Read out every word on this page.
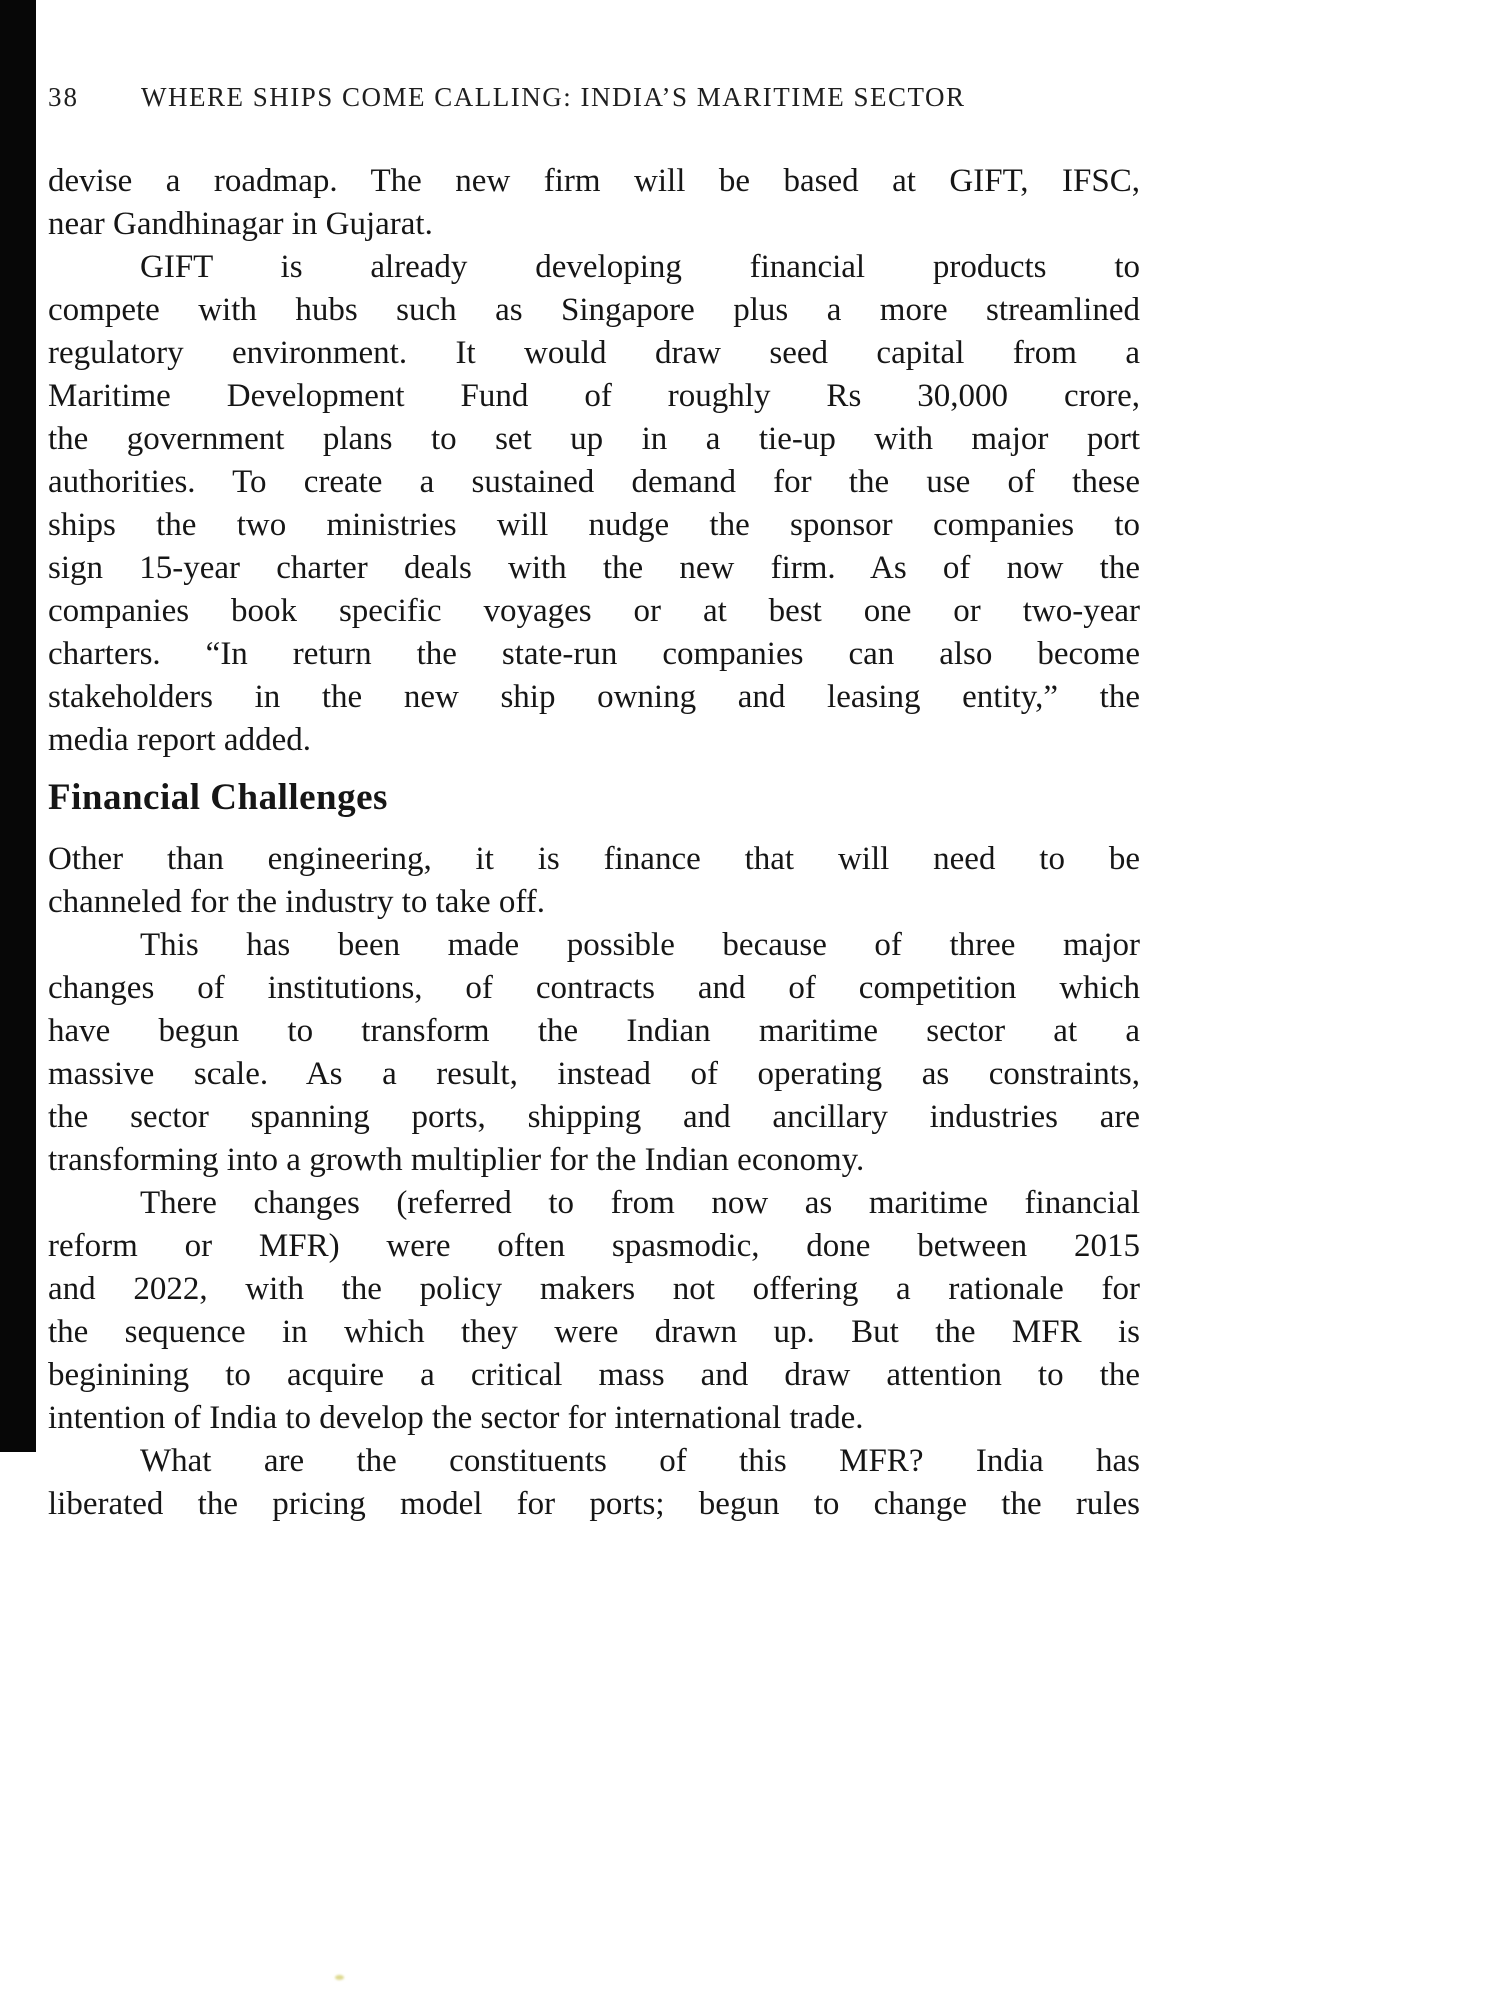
38 WHERE SHIPS COME CALLING: INDIA’S MARITIME SECTOR
devise a roadmap. The new firm will be based at GIFT, IFSC,
near Gandhinagar in Gujarat.
GIFT is already developing financial products to
compete with hubs such as Singapore plus a more streamlined
regulatory environment. It would draw seed capital from a
Maritime Development Fund of roughly Rs 30,000 crore,
the government plans to set up in a tie-up with major port
authorities. To create a sustained demand for the use of these
ships the two ministries will nudge the sponsor companies to
sign 15-year charter deals with the new firm. As of now the
companies book specific voyages or at best one or two-year
charters. “In return the state-run companies can also become
stakeholders in the new ship owning and leasing entity,” the
media report added.
Financial Challenges
Other than engineering, it is finance that will need to be
channeled for the industry to take off.
This has been made possible because of three major
changes of institutions, of contracts and of competition which
have begun to transform the Indian maritime sector at a
massive scale. As a result, instead of operating as constraints,
the sector spanning ports, shipping and ancillary industries are
transforming into a growth multiplier for the Indian economy.
There changes (referred to from now as maritime financial
reform or MFR) were often spasmodic, done between 2015
and 2022, with the policy makers not offering a rationale for
the sequence in which they were drawn up. But the MFR is
beginining to acquire a critical mass and draw attention to the
intention of India to develop the sector for international trade.
What are the constituents of this MFR? India has
liberated the pricing model for ports; begun to change the rules
